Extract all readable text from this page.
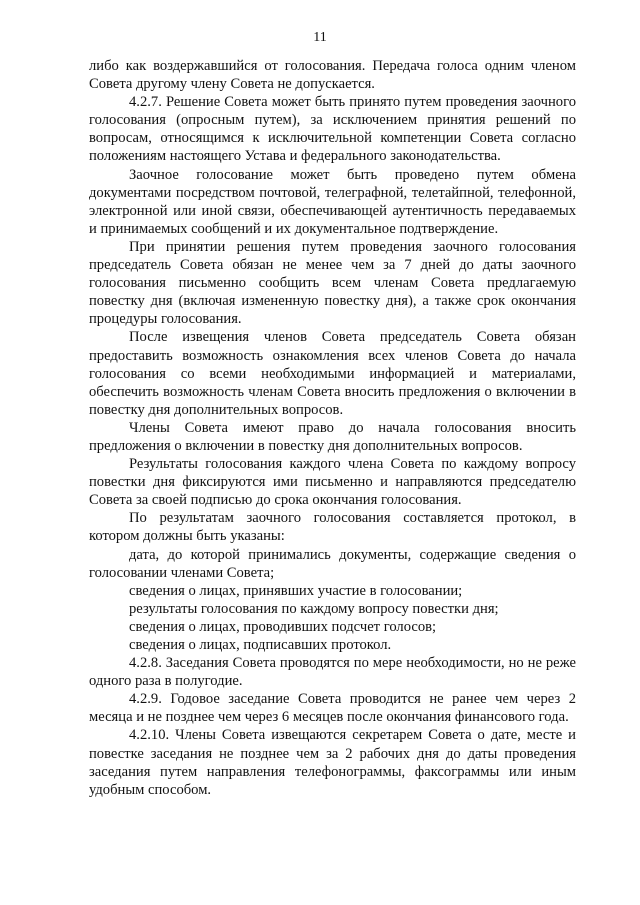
11

либо как воздержавшийся от голосования. Передача голоса одним членом Совета другому члену Совета не допускается.

4.2.7. Решение Совета может быть принято путем проведения заочного голосования (опросным путем), за исключением принятия решений по вопросам, относящимся к исключительной компетенции Совета согласно положениям настоящего Устава и федерального законодательства.

Заочное голосование может быть проведено путем обмена документами посредством почтовой, телеграфной, телетайпной, телефонной, электронной или иной связи, обеспечивающей аутентичность передаваемых и принимаемых сообщений и их документальное подтверждение.

При принятии решения путем проведения заочного голосования председатель Совета обязан не менее чем за 7 дней до даты заочного голосования письменно сообщить всем членам Совета предлагаемую повестку дня (включая измененную повестку дня), а также срок окончания процедуры голосования.

После извещения членов Совета председатель Совета обязан предоставить возможность ознакомления всех членов Совета до начала голосования со всеми необходимыми информацией и материалами, обеспечить возможность членам Совета вносить предложения о включении в повестку дня дополнительных вопросов.

Члены Совета имеют право до начала голосования вносить предложения о включении в повестку дня дополнительных вопросов.

Результаты голосования каждого члена Совета по каждому вопросу повестки дня фиксируются ими письменно и направляются председателю Совета за своей подписью до срока окончания голосования.

По результатам заочного голосования составляется протокол, в котором должны быть указаны:

дата, до которой принимались документы, содержащие сведения о голосовании членами Совета;

сведения о лицах, принявших участие в голосовании;

результаты голосования по каждому вопросу повестки дня;

сведения о лицах, проводивших подсчет голосов;

сведения о лицах, подписавших протокол.

4.2.8. Заседания Совета проводятся по мере необходимости, но не реже одного раза в полугодие.

4.2.9. Годовое заседание Совета проводится не ранее чем через 2 месяца и не позднее чем через 6 месяцев после окончания финансового года.

4.2.10. Члены Совета извещаются секретарем Совета о дате, месте и повестке заседания не позднее чем за 2 рабочих дня до даты проведения заседания путем направления телефонограммы, факсограммы или иным удобным способом.
